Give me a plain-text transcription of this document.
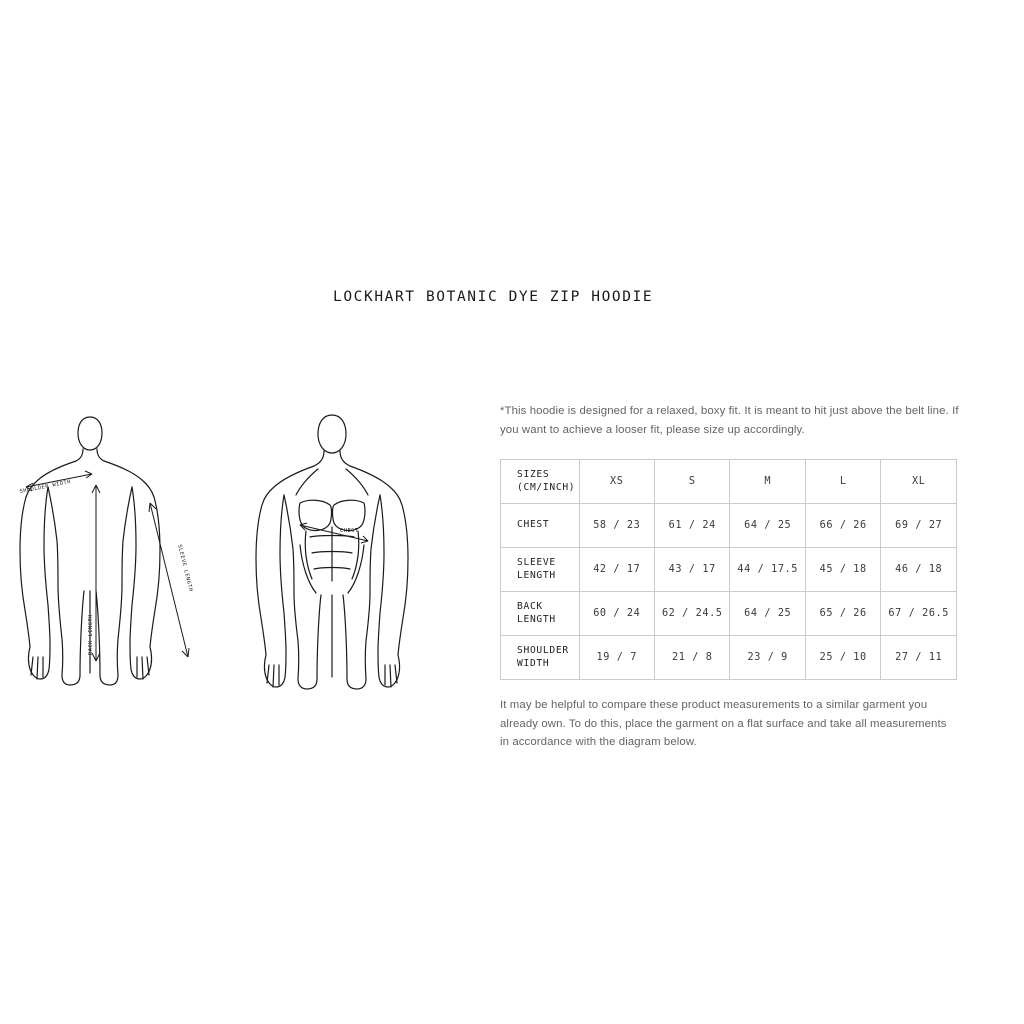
LOCKHART BOTANIC DYE ZIP HOODIE
SHOULDER WIDTH
BACK LENGTH
SLEEVE LENGTH
CHEST

*This hoodie is designed for a relaxed, boxy fit. It is meant to hit just above the belt line. If you want to achieve a looser fit, please size up accordingly.

SIZES
(CM/INCH)	XS	S	M	L	XL

CHEST	58 / 23	61 / 24	64 / 25	66 / 26	69 / 27

SLEEVE
LENGTH	42 / 17	43 / 17	44 / 17.5	45 / 18	46 / 18

BACK
LENGTH	60 / 24	62 / 24.5	64 / 25	65 / 26	67 / 26.5

SHOULDER
WIDTH	19 / 7	21 / 8	23 / 9	25 / 10	27 / 11

It may be helpful to compare these product measurements to a similar garment you already own. To do this, place the garment on a flat surface and take all measurements in accordance with the diagram below.
